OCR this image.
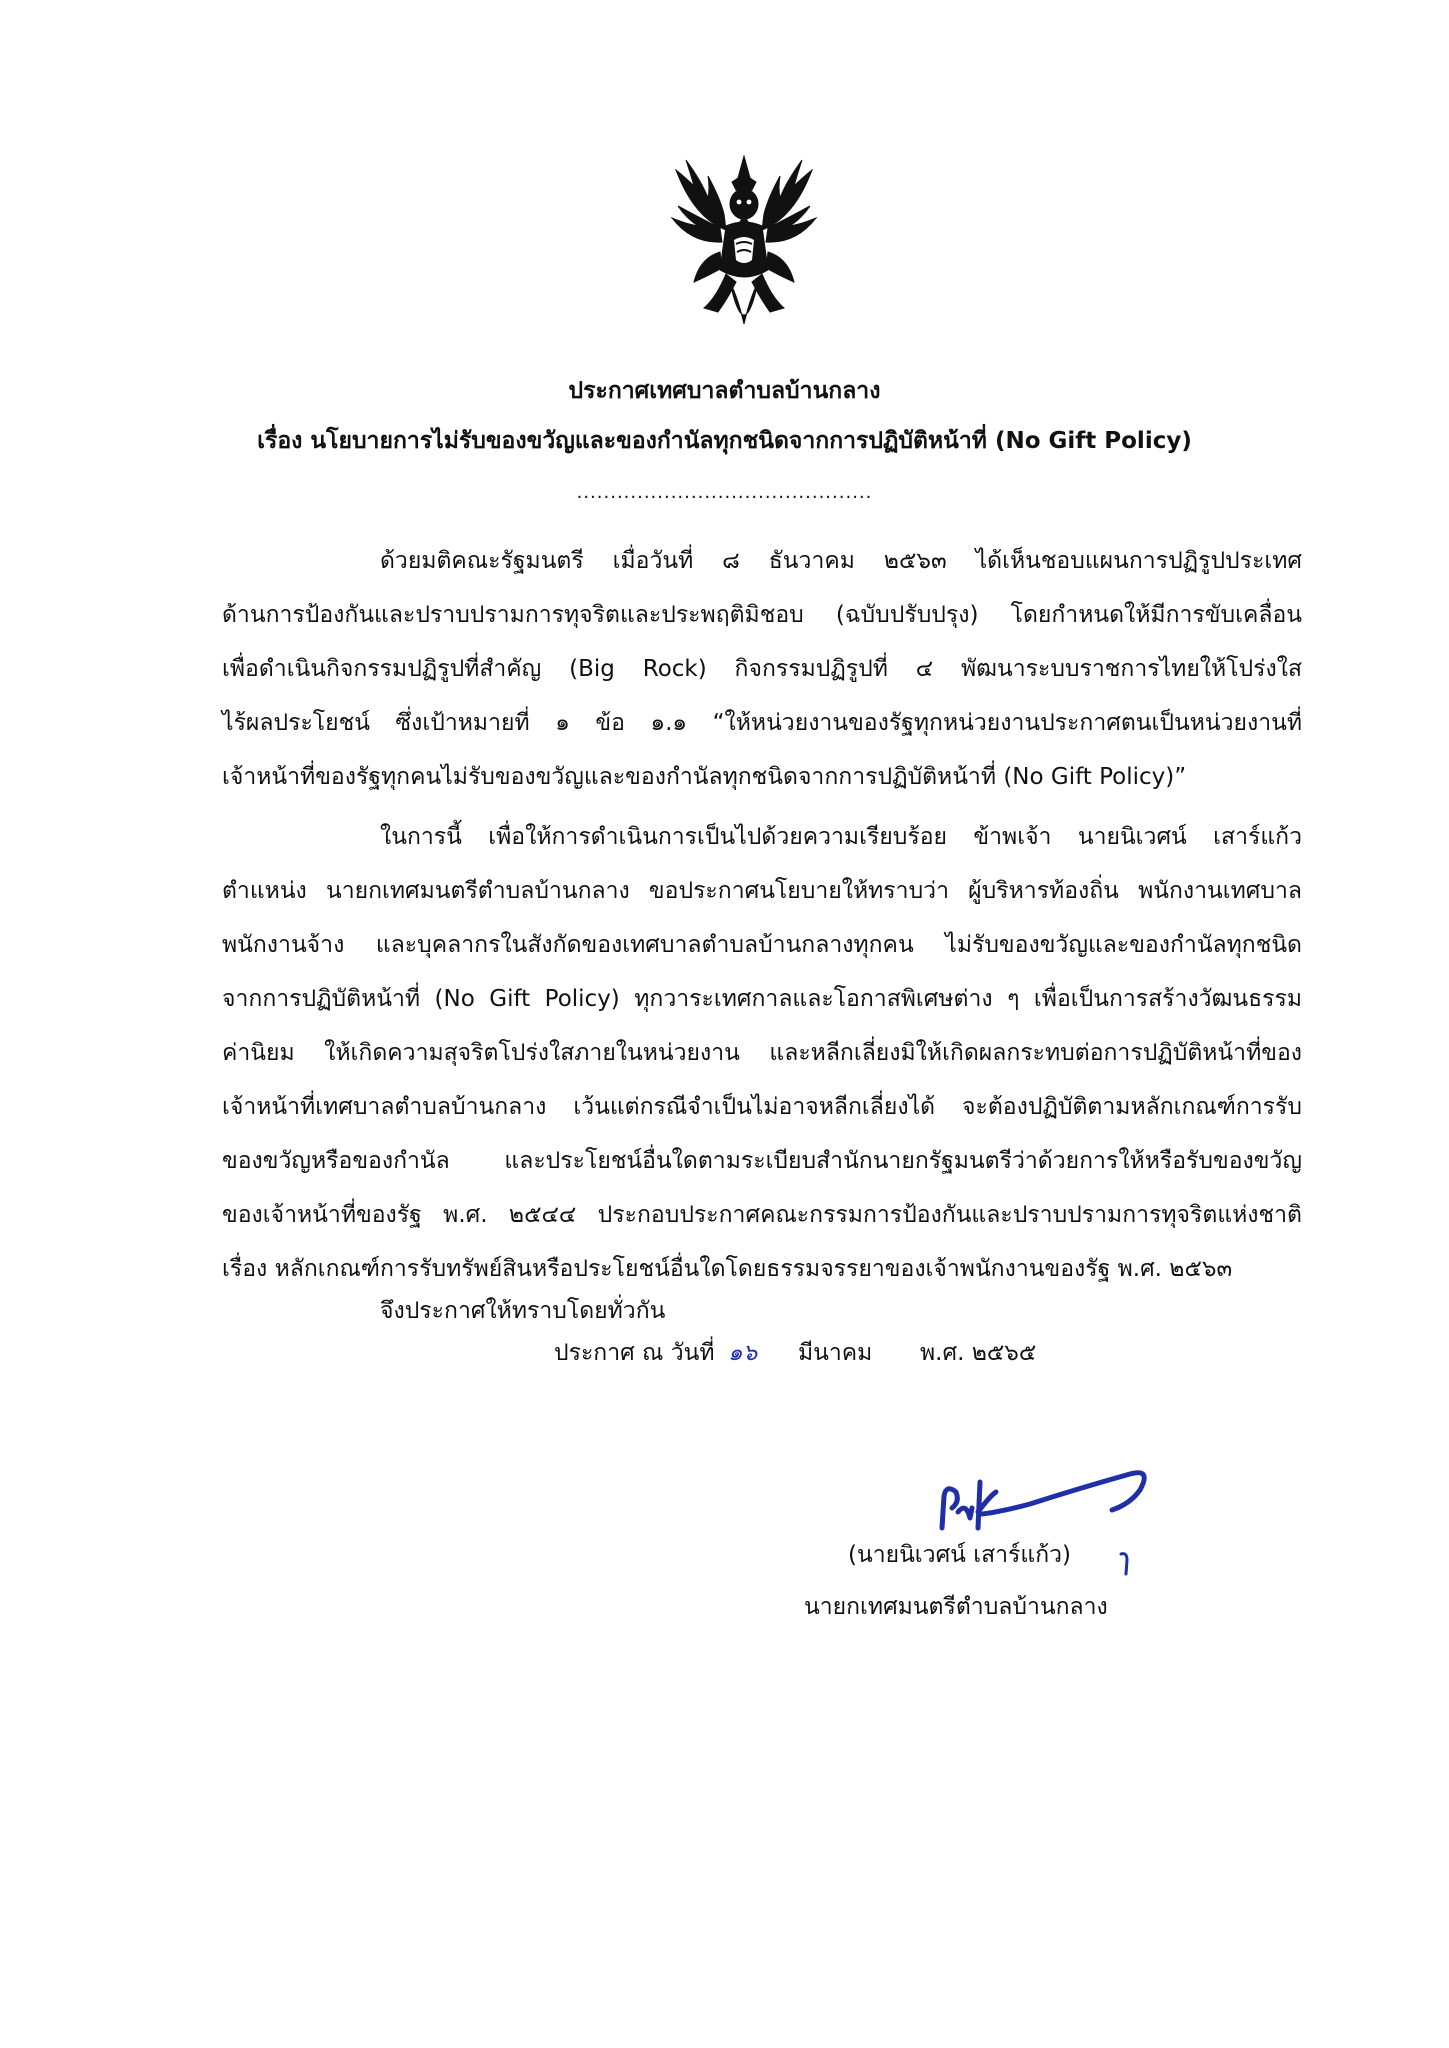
ประกาศเทศบาลตำบลบ้านกลาง
เรื่อง นโยบายการไม่รับของขวัญและของกำนัลทุกชนิดจากการปฏิบัติหน้าที่ (No Gift Policy)
............................................
ด้วยมติคณะรัฐมนตรี เมื่อวันที่ ๘ ธันวาคม ๒๕๖๓ ได้เห็นชอบแผนการปฏิรูปประเทศ
ด้านการป้องกันและปราบปรามการทุจริตและประพฤติมิชอบ (ฉบับปรับปรุง) โดยกำหนดให้มีการขับเคลื่อน
เพื่อดำเนินกิจกรรมปฏิรูปที่สำคัญ (Big Rock) กิจกรรมปฏิรูปที่ ๔ พัฒนาระบบราชการไทยให้โปร่งใส
ไร้ผลประโยชน์ ซึ่งเป้าหมายที่ ๑ ข้อ ๑.๑ “ให้หน่วยงานของรัฐทุกหน่วยงานประกาศตนเป็นหน่วยงานที่
เจ้าหน้าที่ของรัฐทุกคนไม่รับของขวัญและของกำนัลทุกชนิดจากการปฏิบัติหน้าที่ (No Gift Policy)”
ในการนี้ เพื่อให้การดำเนินการเป็นไปด้วยความเรียบร้อย ข้าพเจ้า นายนิเวศน์ เสาร์แก้ว
ตำแหน่ง นายกเทศมนตรีตำบลบ้านกลาง ขอประกาศนโยบายให้ทราบว่า ผู้บริหารท้องถิ่น พนักงานเทศบาล
พนักงานจ้าง และบุคลากรในสังกัดของเทศบาลตำบลบ้านกลางทุกคน ไม่รับของขวัญและของกำนัลทุกชนิด
จากการปฏิบัติหน้าที่ (No Gift Policy) ทุกวาระเทศกาลและโอกาสพิเศษต่าง ๆ เพื่อเป็นการสร้างวัฒนธรรม
ค่านิยม ให้เกิดความสุจริตโปร่งใสภายในหน่วยงาน และหลีกเลี่ยงมิให้เกิดผลกระทบต่อการปฏิบัติหน้าที่ของ
เจ้าหน้าที่เทศบาลตำบลบ้านกลาง เว้นแต่กรณีจำเป็นไม่อาจหลีกเลี่ยงได้ จะต้องปฏิบัติตามหลักเกณฑ์การรับ
ของขวัญหรือของกำนัล และประโยชน์อื่นใดตามระเบียบสำนักนายกรัฐมนตรีว่าด้วยการให้หรือรับของขวัญ
ของเจ้าหน้าที่ของรัฐ พ.ศ. ๒๕๔๔ ประกอบประกาศคณะกรรมการป้องกันและปราบปรามการทุจริตแห่งชาติ
เรื่อง หลักเกณฑ์การรับทรัพย์สินหรือประโยชน์อื่นใดโดยธรรมจรรยาของเจ้าพนักงานของรัฐ พ.ศ. ๒๕๖๓
จึงประกาศให้ทราบโดยทั่วกัน
ประกาศ ณ วันที่ ๑๖ มีนาคม พ.ศ. ๒๕๖๕
(นายนิเวศน์ เสาร์แก้ว)
นายกเทศมนตรีตำบลบ้านกลาง
